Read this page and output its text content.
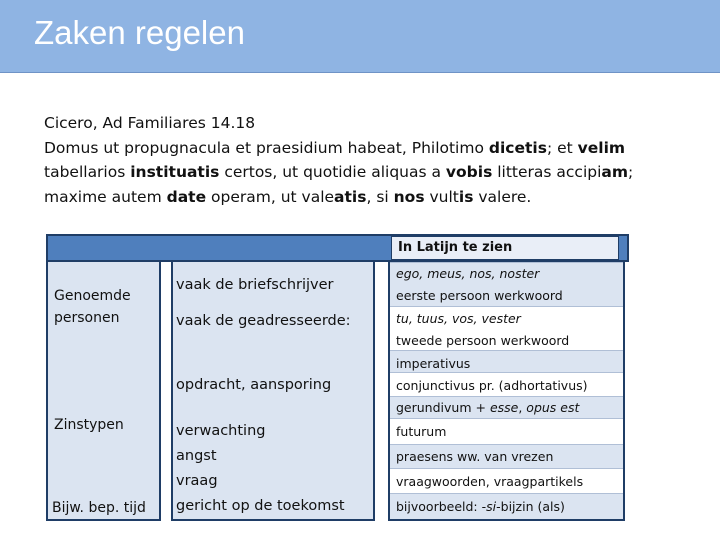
Zaken regelen
Cicero, Ad Familiares 14.18
Domus ut propugnacula et praesidium habeat, Philotimo dicetis; et velim
tabellarios instituatis certos, ut quotidie aliquas a vobis litteras accipiam;
maxime autem date operam, ut valeatis, si nos vultis valere.
In Latijn te zien
Genoemde
personen
Zinstypen
Bijw. bep. tijd
vaak de briefschrijver
vaak de geadresseerde:
opdracht, aansporing
verwachting
angst
vraag
gericht op de toekomst
ego, meus, nos, noster
eerste persoon werkwoord
tu, tuus, vos, vester
tweede persoon werkwoord
imperativus
conjunctivus pr. (adhortativus)
gerundivum + esse, opus est
futurum
praesens ww. van vrezen
vraagwoorden, vraagpartikels
bijvoorbeeld: -si-bijzin (als)
